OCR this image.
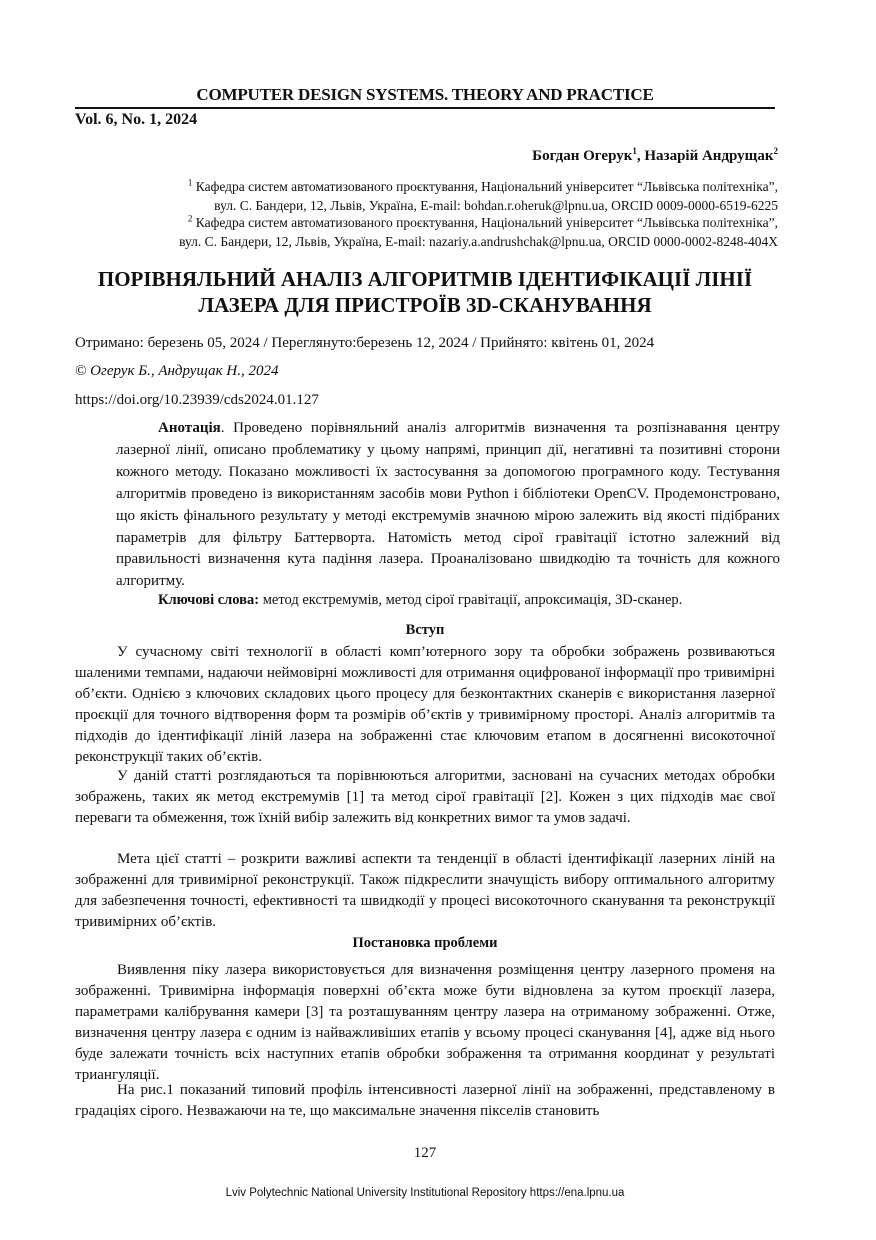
COMPUTER DESIGN SYSTEMS. THEORY AND PRACTICE
Vol. 6, No. 1, 2024
Богдан Огерук$^1$, Назарій Андрущак$^2$
$^1$ Кафедра систем автоматизованого проєктування, Національний університет “Львівська політехніка”,
вул. С. Бандери, 12, Львів, Україна, E-mail: bohdan.r.oheruk@lpnu.ua, ORCID 0009-0000-6519-6225
$^2$ Кафедра систем автоматизованого проєктування, Національний університет “Львівська політехніка”,
вул. С. Бандери, 12, Львів, Україна, E-mail: nazariy.a.andrushchak@lpnu.ua, ORCID 0000-0002-8248-404X
ПОРІВНЯЛЬНИЙ АНАЛІЗ АЛГОРИТМІВ ІДЕНТИФІКАЦІЇ ЛІНІЇ
ЛАЗЕРА ДЛЯ ПРИСТРОЇВ 3D-СКАНУВАННЯ
Отримано: березень 05, 2024 / Переглянуто:березень 12, 2024 / Прийнято: квітень 01, 2024
© Огерук Б., Андрущак Н., 2024
https://doi.org/10.23939/cds2024.01.127

Анотація. Проведено порівняльний аналіз алгоритмів визначення та розпізнавання центру лазерної лінії, описано проблематику у цьому напрямі, принцип дії, негативні та позитивні сторони кожного методу. Показано можливості їх застосування за допомогою програмного коду. Тестування алгоритмів проведено із використанням засобів мови Python і бібліотеки OpenCV. Продемонстровано, що якість фінального результату у методі екстремумів значною мірою залежить від якості підібраних параметрів для фільтру Баттерворта. Натомість метод сірої гравітації істотно залежний від правильності визначення кута падіння лазера. Проаналізовано швидкодію та точність для кожного алгоритму.

Ключові слова: метод екстремумів, метод сірої гравітації, апроксимація, 3D-сканер.
Вступ

У сучасному світі технології в області комп’ютерного зору та обробки зображень розвиваються шаленими темпами, надаючи неймовірні можливості для отримання оцифрованої інформації про тривимірні об’єкти. Однією з ключових складових цього процесу для безконтактних сканерів є використання лазерної проєкції для точного відтворення форм та розмірів об’єктів у тривимірному просторі. Аналіз алгоритмів та підходів до ідентифікації ліній лазера на зображенні стає ключовим етапом в досягненні високоточної реконструкції таких об’єктів.

У даній статті розглядаються та порівнюються алгоритми, засновані на сучасних методах обробки зображень, таких як метод екстремумів [1] та метод сірої гравітації [2]. Кожен з цих підходів має свої переваги та обмеження, тож їхній вибір залежить від конкретних вимог та умов задачі.

Мета цієї статті – розкрити важливі аспекти та тенденції в області ідентифікації лазерних ліній на зображенні для тривимірної реконструкції. Також підкреслити значущість вибору оптимального алгоритму для забезпечення точності, ефективності та швидкодії у процесі високоточного сканування та реконструкції тривимірних об’єктів.

Постановка проблеми

Виявлення піку лазера використовується для визначення розміщення центру лазерного променя на зображенні. Тривимірна інформація поверхні об’єкта може бути відновлена за кутом проєкції лазера, параметрами калібрування камери [3] та розташуванням центру лазера на отриманому зображенні. Отже, визначення центру лазера є одним із найважливіших етапів у всьому процесі сканування [4], адже від нього буде залежати точність всіх наступних етапів обробки зображення та отримання координат у результаті триангуляції.

На рис.1 показаний типовий профіль інтенсивності лазерної лінії на зображенні, представленому в градаціях сірого. Незважаючи на те, що максимальне значення пікселів становить

127
Lviv Polytechnic National University Institutional Repository https://ena.lpnu.ua
